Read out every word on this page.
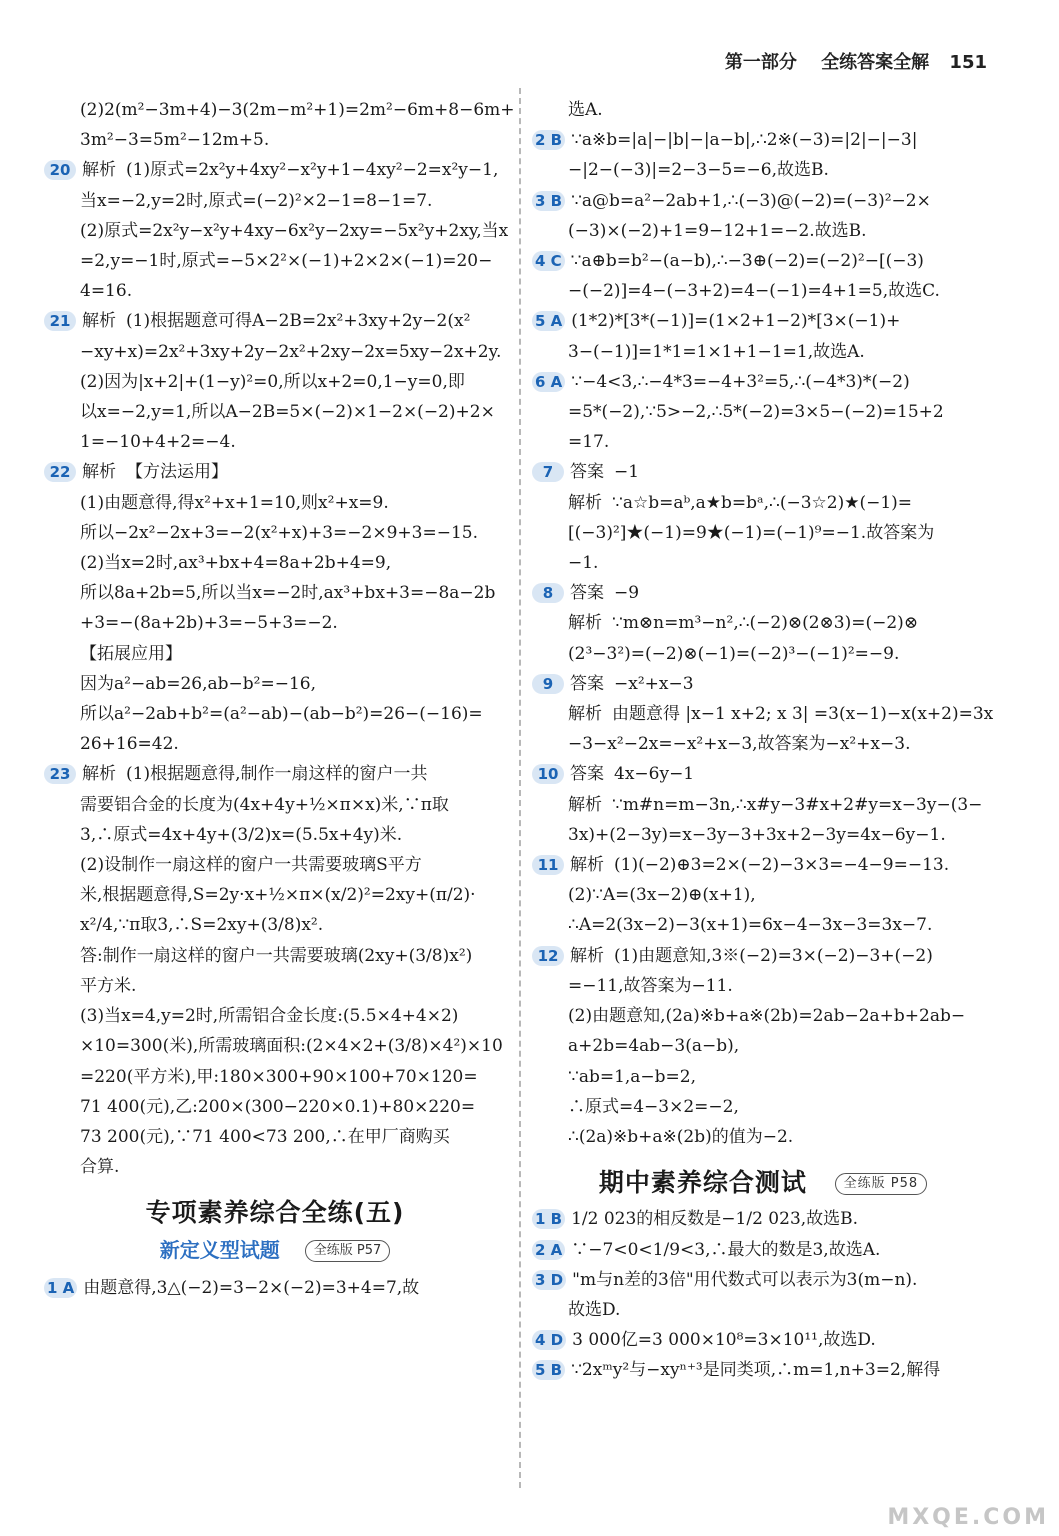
第一部分 全练答案全解 151
(2)2(m²−3m+4)−3(2m−m²+1)=2m²−6m+8−6m+
3m²−3=5m²−12m+5.
20 解析 (1)原式=2x²y+4xy²−x²y+1−4xy²−2=x²y−1,
当x=−2,y=2时,原式=(−2)²×2−1=8−1=7.
(2)原式=2x²y−x²y+4xy−6x²y−2xy=−5x²y+2xy,当x
=2,y=−1时,原式=−5×2²×(−1)+2×2×(−1)=20−
4=16.
21 解析 (1)根据题意可得A−2B=2x²+3xy+2y−2(x²
−xy+x)=2x²+3xy+2y−2x²+2xy−2x=5xy−2x+2y.
(2)因为|x+2|+(1−y)²=0,所以x+2=0,1−y=0,即
以x=−2,y=1,所以A−2B=5×(−2)×1−2×(−2)+2×
1=−10+4+2=−4.
22 解析 【方法运用】
(1)由题意得,得x²+x+1=10,则x²+x=9.
所以−2x²−2x+3=−2(x²+x)+3=−2×9+3=−15.
(2)当x=2时,ax³+bx+4=8a+2b+4=9,
所以8a+2b=5,所以当x=−2时,ax³+bx+3=−8a−2b
+3=−(8a+2b)+3=−5+3=−2.
【拓展应用】
因为a²−ab=26,ab−b²=−16,
所以a²−2ab+b²=(a²−ab)−(ab−b²)=26−(−16)=
26+16=42.
23 解析 (1)根据题意得,制作一扇这样的窗户一共
需要铝合金的长度为(4x+4y+½×π×x)米,∵π取
3,∴原式=4x+4y+(3/2)x=(5.5x+4y)米.
(2)设制作一扇这样的窗户一共需要玻璃S平方
米,根据题意得,S=2y·x+½×π×(x/2)²=2xy+(π/2)·
x²/4,∵π取3,∴S=2xy+(3/8)x².
答:制作一扇这样的窗户一共需要玻璃(2xy+(3/8)x²)
平方米.
(3)当x=4,y=2时,所需铝合金长度:(5.5×4+4×2)
×10=300(米),所需玻璃面积:(2×4×2+(3/8)×4²)×10
=220(平方米),甲:180×300+90×100+70×120=
71 400(元),乙:200×(300−220×0.1)+80×220=
73 200(元),∵71 400<73 200,∴在甲厂商购买
合算.
专项素养综合全练(五)
新定义型试题	全练版 P57
1 A 由题意得,3△(−2)=3−2×(−2)=3+4=7,故
选A.
2 B ∵a※b=|a|−|b|−|a−b|,∴2※(−3)=|2|−|−3|
−|2−(−3)|=2−3−5=−6,故选B.
3 B ∵a@b=a²−2ab+1,∴(−3)@(−2)=(−3)²−2×
(−3)×(−2)+1=9−12+1=−2.故选B.
4 C ∵a⊕b=b²−(a−b),∴−3⊕(−2)=(−2)²−[(−3)
−(−2)]=4−(−3+2)=4−(−1)=4+1=5,故选C.
5 A (1*2)*[3*(−1)]=(1×2+1−2)*[3×(−1)+
3−(−1)]=1*1=1×1+1−1=1,故选A.
6 A ∵−4<3,∴−4*3=−4+3²=5,∴(−4*3)*(−2)
=5*(−2),∵5>−2,∴5*(−2)=3×5−(−2)=15+2
=17.
7 答案 −1
解析 ∵a☆b=aᵇ,a★b=bᵃ,∴(−3☆2)★(−1)=
[(−3)²]★(−1)=9★(−1)=(−1)⁹=−1.故答案为
−1.
8 答案 −9
解析 ∵m⊗n=m³−n²,∴(−2)⊗(2⊗3)=(−2)⊗
(2³−3²)=(−2)⊗(−1)=(−2)³−(−1)²=−9.
9 答案 −x²+x−3
解析 由题意得 |x−1 x+2; x 3| =3(x−1)−x(x+2)=3x
−3−x²−2x=−x²+x−3,故答案为−x²+x−3.
10 答案 4x−6y−1
解析 ∵m#n=m−3n,∴x#y−3#x+2#y=x−3y−(3−
3x)+(2−3y)=x−3y−3+3x+2−3y=4x−6y−1.
11 解析 (1)(−2)⊕3=2×(−2)−3×3=−4−9=−13.
(2)∵A=(3x−2)⊕(x+1),
∴A=2(3x−2)−3(x+1)=6x−4−3x−3=3x−7.
12 解析 (1)由题意知,3※(−2)=3×(−2)−3+(−2)
=−11,故答案为−11.
(2)由题意知,(2a)※b+a※(2b)=2ab−2a+b+2ab−
a+2b=4ab−3(a−b),
∵ab=1,a−b=2,
∴原式=4−3×2=−2,
∴(2a)※b+a※(2b)的值为−2.
期中素养综合测试	全练版 P58
1 B 1/2 023的相反数是−1/2 023,故选B.
2 A ∵−7<0<1/9<3,∴最大的数是3,故选A.
3 D "m与n差的3倍"用代数式可以表示为3(m−n).
故选D.
4 D 3 000亿=3 000×10⁸=3×10¹¹,故选D.
5 B ∵2xᵐy²与−xyⁿ⁺³是同类项,∴m=1,n+3=2,解得
MXQE.COM
